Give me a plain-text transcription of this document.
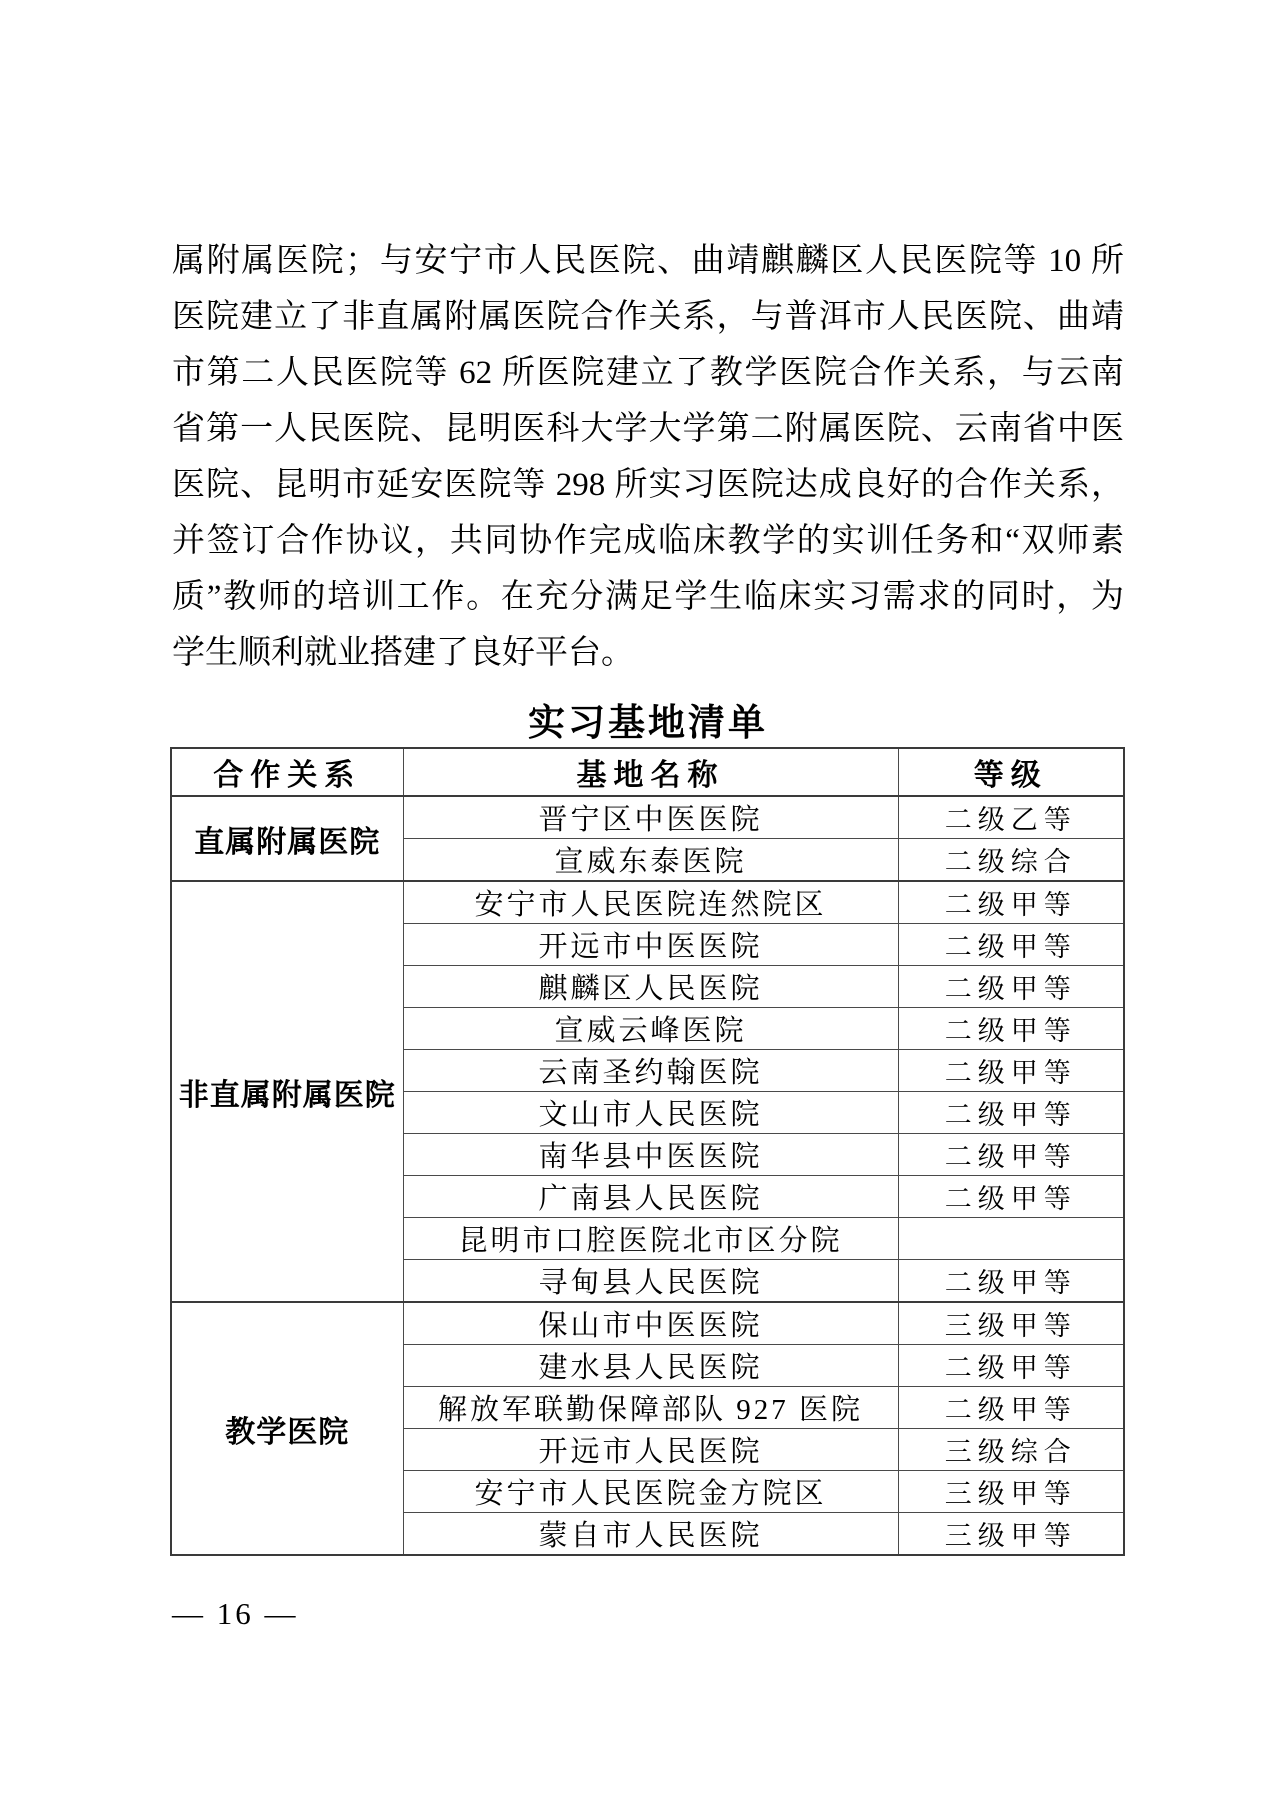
属附属医院；与安宁市人民医院、曲靖麒麟区人民医院等 10 所
医院建立了非直属附属医院合作关系，与普洱市人民医院、曲靖
市第二人民医院等 62 所医院建立了教学医院合作关系，与云南
省第一人民医院、昆明医科大学大学第二附属医院、云南省中医
医院、昆明市延安医院等 298 所实习医院达成良好的合作关系，
并签订合作协议，共同协作完成临床教学的实训任务和“双师素
质”教师的培训工作。在充分满足学生临床实习需求的同时，为
学生顺利就业搭建了良好平台。
实习基地清单
合作关系	基地名称	等级
直属附属医院	晋宁区中医医院	二级乙等
	宣威东泰医院	二级综合
非直属附属医院	安宁市人民医院连然院区	二级甲等
	开远市中医医院	二级甲等
	麒麟区人民医院	二级甲等
	宣威云峰医院	二级甲等
	云南圣约翰医院	二级甲等
	文山市人民医院	二级甲等
	南华县中医医院	二级甲等
	广南县人民医院	二级甲等
	昆明市口腔医院北市区分院	
	寻甸县人民医院	二级甲等
教学医院	保山市中医医院	三级甲等
	建水县人民医院	二级甲等
	解放军联勤保障部队 927 医院	二级甲等
	开远市人民医院	三级综合
	安宁市人民医院金方院区	三级甲等
	蒙自市人民医院	三级甲等
— 16 —
